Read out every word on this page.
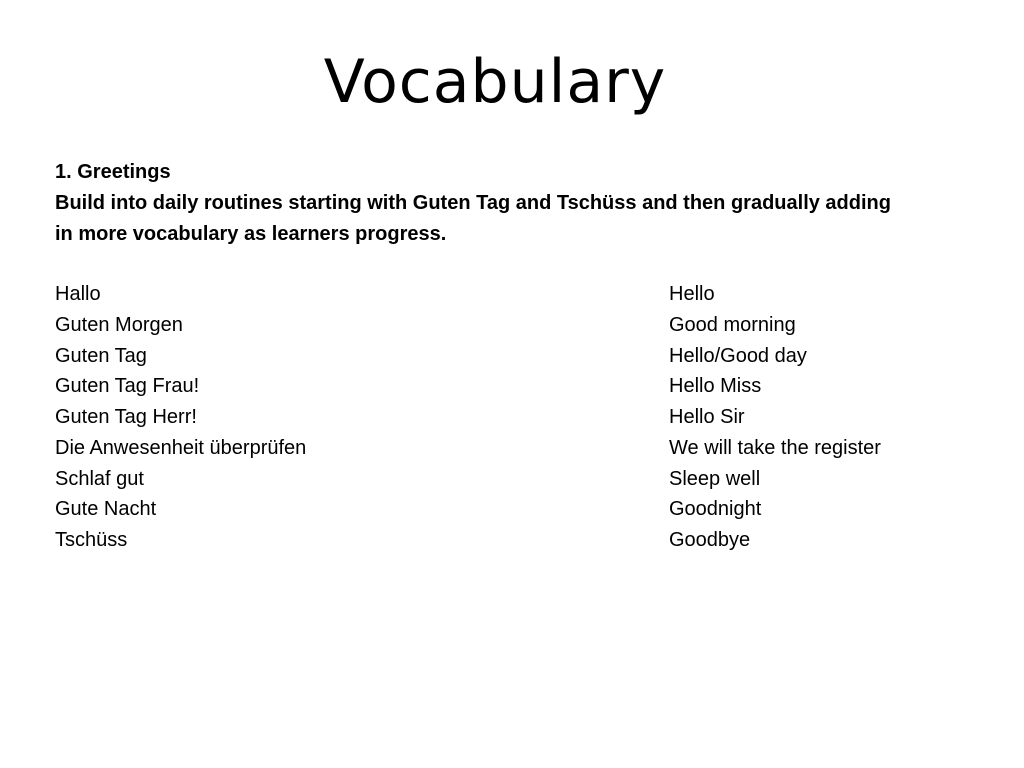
Vocabulary
1. Greetings
Build into daily routines starting with Guten Tag and Tschüss and then gradually adding
in more vocabulary as learners progress.
Hallo	Hello
Guten Morgen	Good morning
Guten Tag	Hello/Good day
Guten Tag Frau!	Hello Miss
Guten Tag Herr!	Hello Sir
Die Anwesenheit überprüfen	We will take the register
Schlaf gut	Sleep well
Gute Nacht	Goodnight
Tschüss	Goodbye
